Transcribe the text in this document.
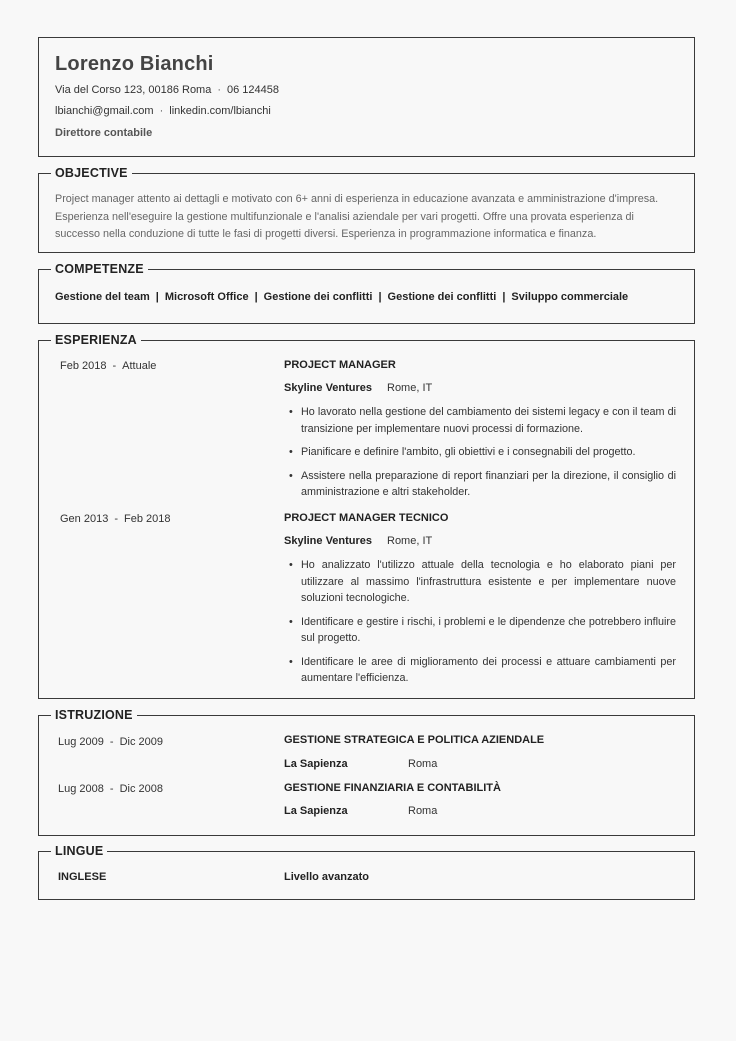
Lorenzo Bianchi
Via del Corso 123, 00186 Roma · 06 124458
lbianchi@gmail.com · linkedin.com/lbianchi
Direttore contabile
OBJECTIVE
Project manager attento ai dettagli e motivato con 6+ anni di esperienza in educazione avanzata e amministrazione d'impresa. Esperienza nell'eseguire la gestione multifunzionale e l'analisi aziendale per vari progetti. Offre una provata esperienza di successo nella conduzione di tutte le fasi di progetti diversi. Esperienza in programmazione informatica e finanza.
COMPETENZE
Gestione del team | Microsoft Office | Gestione dei conflitti | Gestione dei conflitti | Sviluppo commerciale
ESPERIENZA
Feb 2018 - Attuale	PROJECT MANAGER
Skyline Ventures Rome, IT
• Ho lavorato nella gestione del cambiamento dei sistemi legacy e con il team di transizione per implementare nuovi processi di formazione.
• Pianificare e definire l'ambito, gli obiettivi e i consegnabili del progetto.
• Assistere nella preparazione di report finanziari per la direzione, il consiglio di amministrazione e altri stakeholder.
Gen 2013 - Feb 2018	PROJECT MANAGER TECNICO
Skyline Ventures Rome, IT
• Ho analizzato l'utilizzo attuale della tecnologia e ho elaborato piani per utilizzare al massimo l'infrastruttura esistente e per implementare nuove soluzioni tecnologiche.
• Identificare e gestire i rischi, i problemi e le dipendenze che potrebbero influire sul progetto.
• Identificare le aree di miglioramento dei processi e attuare cambiamenti per aumentare l'efficienza.
ISTRUZIONE
Lug 2009 - Dic 2009	GESTIONE STRATEGICA E POLITICA AZIENDALE
La Sapienza	Roma
Lug 2008 - Dic 2008	GESTIONE FINANZIARIA E CONTABILITÀ
La Sapienza	Roma
LINGUE
INGLESE	Livello avanzato
